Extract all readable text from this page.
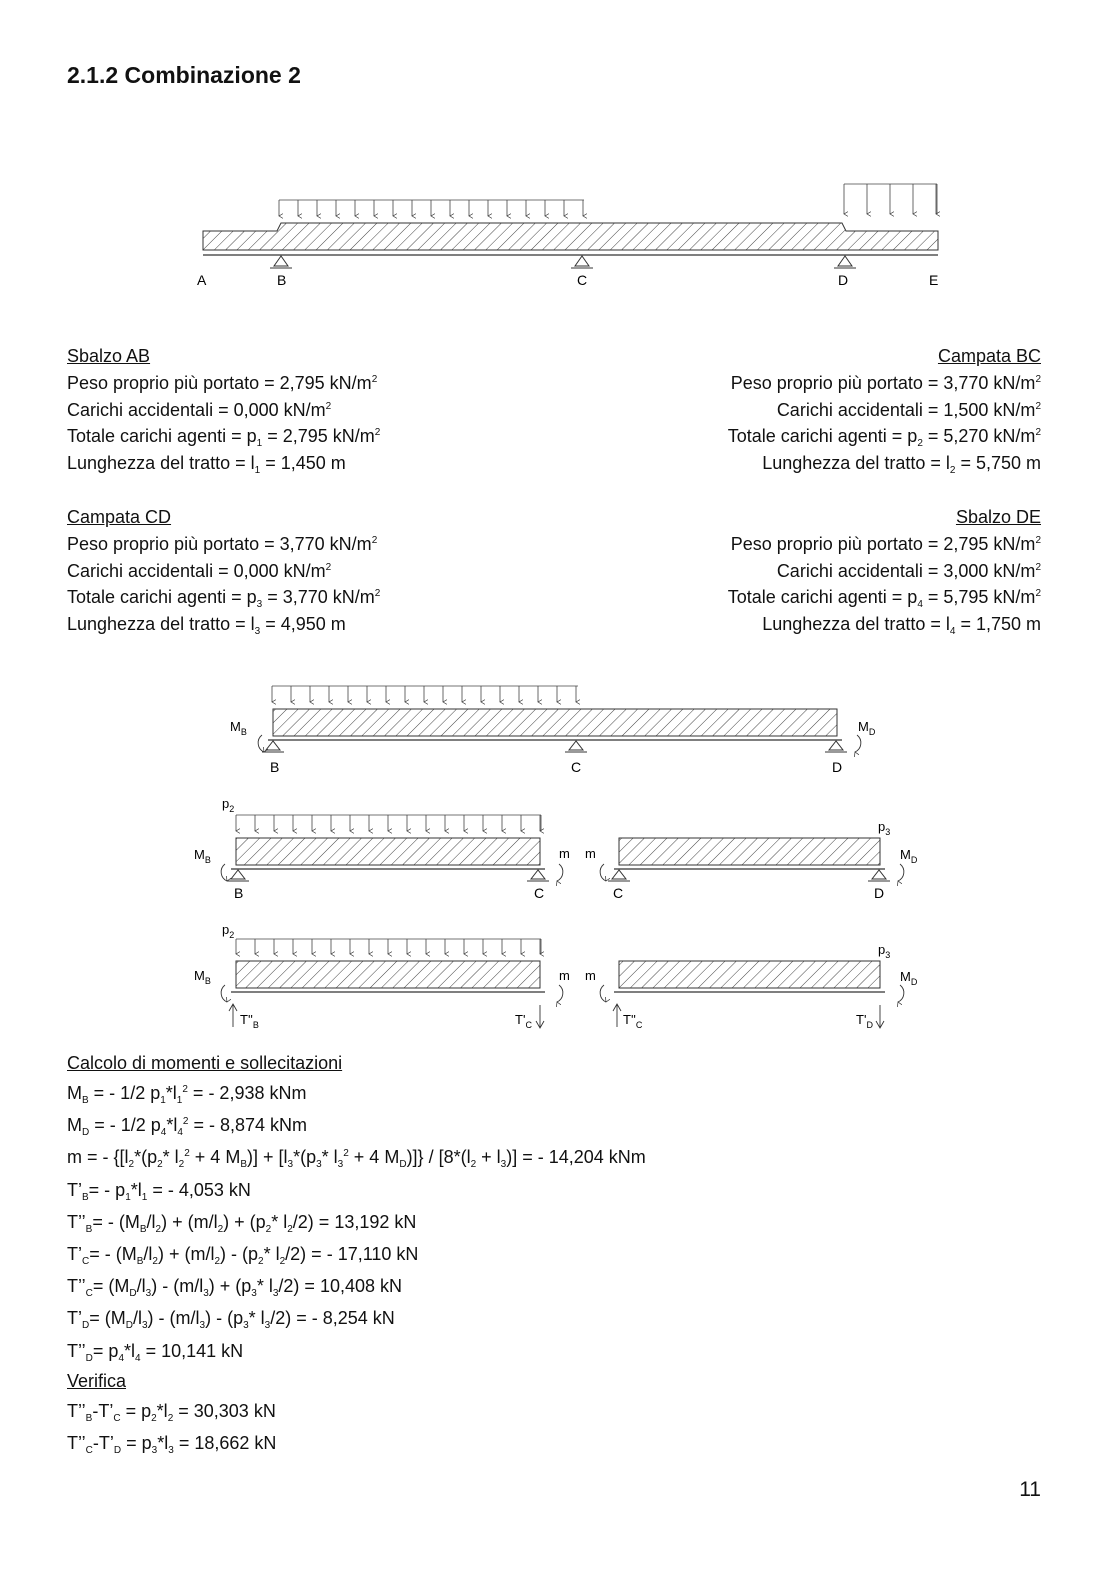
2.1.2 Combinazione 2
A	B	C	D	E
$M_B$	$M_D$
B	C	D
$p_2$
$M_B$	m
B	C
m	$M_D$
$p_3$
C	D
$p_2$
$M_B$	m
$T''_B$	$T'_C$
m	$M_D$
$p_3$
$T''_C$	$T'_D$
Sbalzo AB
Peso proprio più portato = 2,795 $kN/m^2$
Carichi accidentali = 0,000 $kN/m^2$
Totale carichi agenti = $p_1 = 2,795$ $kN/m^2$
Lunghezza del tratto = $l_1 = 1,450$ m
Campata BC
Peso proprio più portato = 3,770 $kN/m^2$
Carichi accidentali = 1,500 $kN/m^2$
Totale carichi agenti = $p_2 = 5,270$ $kN/m^2$
Lunghezza del tratto = $l_2 = 5,750$ m
Campata CD
Peso proprio più portato = 3,770 $kN/m^2$
Carichi accidentali = 0,000 $kN/m^2$
Totale carichi agenti = $p_3 = 3,770$ $kN/m^2$
Lunghezza del tratto = $l_3 = 4,950$ m
Sbalzo DE
Peso proprio più portato = 2,795 $kN/m^2$
Carichi accidentali = 3,000 $kN/m^2$
Totale carichi agenti = $p_4 = 5,795$ $kN/m^2$
Lunghezza del tratto = $l_4 = 1,750$ m
Calcolo di momenti e sollecitazioni
$M_B$ = - 1/2 $p_1*l_1^2$ = - 2,938 kNm
$M_D$ = - 1/2 $p_4*l_4^2$ = - 8,874 kNm
m = - {[$l_2*(p_2*$ $l_2^2 + 4$ $M_B)] + [l_3*(p_3*$ $l_3^2 + 4$ $M_D)]\} / [8*(l_2 + l_3)]$ = - 14,204 kNm
$T’_B= - p_1*l_1$ = - 4,053 kN
$T’’_B= - (M_B/l_2) + (m/l_2) + (p_2*$ $l_2/2) = 13,192$ kN
$T’_C= - (M_B/l_2) + (m/l_2) - (p_2*$ $l_2/2$) = - 17,110 kN
$T’’_C= (M_D/l_3) - (m/l_3) + (p_3*$ $l_3/2) = 10,408$ kN
$T’_D= (M_D/l_3) - (m/l_3) - (p_3*$ $l_3/2$) = - 8,254 kN
$T’’_D= p_4*l_4 = 10,141$ kN
Verifica
$T’’_B-T’_C = p_2*l_2 = 30,303$ kN
$T’’_C-T’_D = p_3*l_3 = 18,662$ kN
11
